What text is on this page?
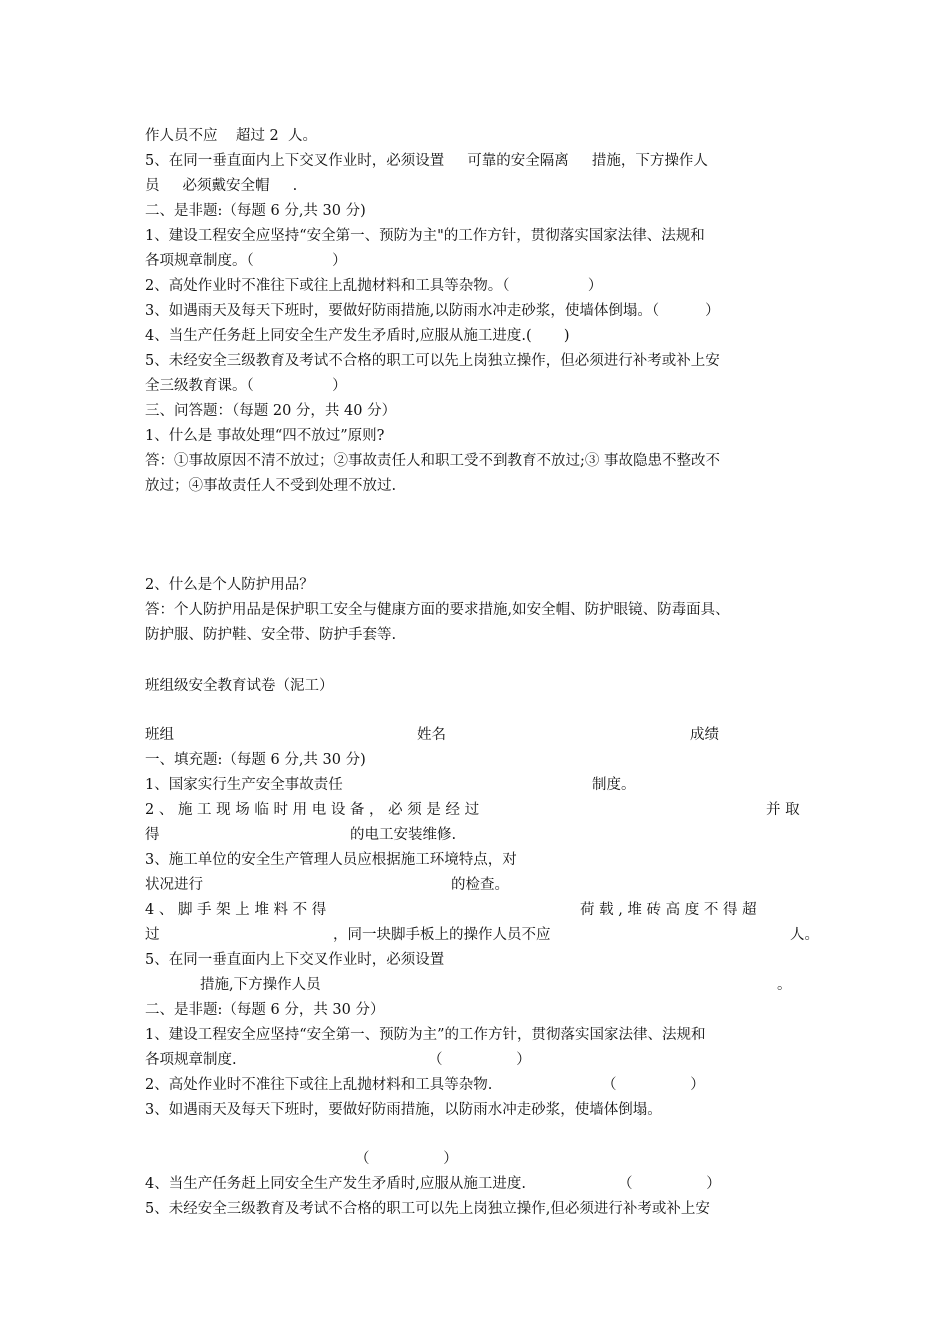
作人员不应    超过 2  人。
5、在同一垂直面内上下交叉作业时，必须设置     可靠的安全隔离     措施，下方操作人
员     必须戴安全帽     .
二、是非题:（每题 6 分,共 30 分)
1、建设工程安全应坚持“安全第一、预防为主"的工作方针，贯彻落实国家法律、法规和
各项规章制度。（                 ）
2、高处作业时不准往下或往上乱抛材料和工具等杂物。（                 ）
3、如遇雨天及每天下班时，要做好防雨措施,以防雨水冲走砂浆，使墙体倒塌。（          ）
4、当生产任务赶上同安全生产发生矛盾时,应服从施工进度.(       )
5、未经安全三级教育及考试不合格的职工可以先上岗独立操作，但必须进行补考或补上安
全三级教育课。（                 ）
三、问答题：（每题 20 分，共 40 分）
1、什么是 事故处理“四不放过”原则?
答：①事故原因不清不放过；②事故责任人和职工受不到教育不放过;③ 事故隐患不整改不
放过；④事故责任人不受到处理不放过.
2、什么是个人防护用品？
答：个人防护用品是保护职工安全与健康方面的要求措施,如安全帽、防护眼镜、防毒面具、
防护服、防护鞋、安全带、防护手套等.
班组级安全教育试卷（泥工）
班组	姓名	成绩
一、填充题:（每题 6 分,共 30 分)
1、国家实行生产安全事故责任	制度。
2 、 施 工 现 场 临 时 用 电 设 备 ， 必 须 是 经 过	并 取
得	的电工安装维修.
3、施工单位的安全生产管理人员应根据施工环境特点，对
状况进行	的检查。
4 、 脚 手 架 上 堆 料 不 得	荷 载 , 堆 砖 高 度 不 得 超
过	，同一块脚手板上的操作人员不应	人。
5、在同一垂直面内上下交叉作业时，必须设置
措施,下方操作人员	。
二、是非题:（每题 6 分，共 30 分）
1、建设工程安全应坚持“安全第一、预防为主”的工作方针，贯彻落实国家法律、法规和
各项规章制度.	（                ）
2、高处作业时不准往下或往上乱抛材料和工具等杂物.	（                ）
3、如遇雨天及每天下班时，要做好防雨措施，以防雨水冲走砂浆，使墙体倒塌。
（                ）
4、当生产任务赶上同安全生产发生矛盾时,应服从施工进度.	（                ）
5、未经安全三级教育及考试不合格的职工可以先上岗独立操作,但必须进行补考或补上安
